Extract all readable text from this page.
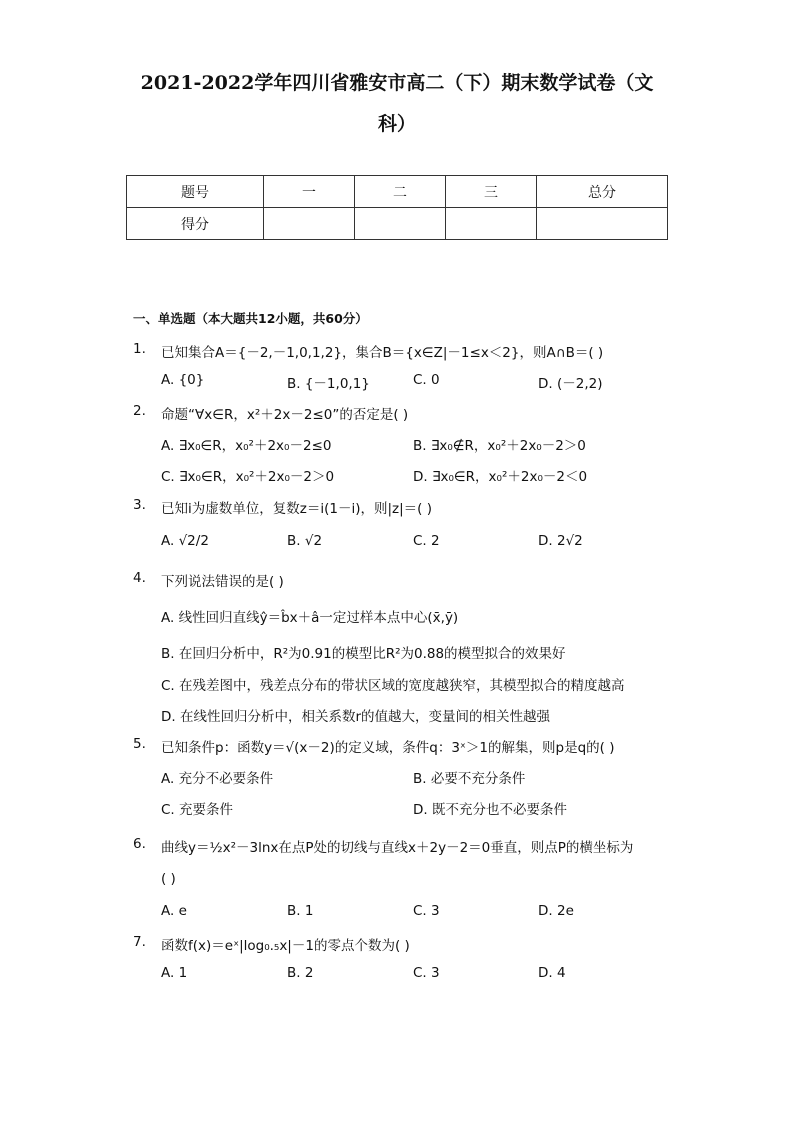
2021-2022学年四川省雅安市高二（下）期末数学试卷（文
科）
题号	一	二	三	总分
得分				
一、单选题（本大题共12小题，共60分）
1. 已知集合A＝{－2,－1,0,1,2}，集合B＝{x∈Z|－1≤x＜2}，则A∩B＝( )
A. {0}	B. {－1,0,1}	C. 0	D. (－2,2)
2. 命题“∀x∈R，x²＋2x－2≤0”的否定是( )
A. ∃x₀∈R，x₀²＋2x₀－2≤0	B. ∃x₀∉R，x₀²＋2x₀－2＞0
C. ∃x₀∈R，x₀²＋2x₀－2＞0	D. ∃x₀∈R，x₀²＋2x₀－2＜0
3. 已知i为虚数单位，复数z＝i(1－i)，则|z|＝( )
A. √2/2	B. √2	C. 2	D. 2√2
4. 下列说法错误的是( )
A. 线性回归直线ŷ＝b̂x＋â一定过样本点中心(x̄,ȳ)
B. 在回归分析中，R²为0.91的模型比R²为0.88的模型拟合的效果好
C. 在残差图中，残差点分布的带状区域的宽度越狭窄，其模型拟合的精度越高
D. 在线性回归分析中，相关系数r的值越大，变量间的相关性越强
5. 已知条件p：函数y＝√(x－2)的定义域，条件q：3ˣ＞1的解集，则p是q的( )
A. 充分不必要条件	B. 必要不充分条件
C. 充要条件	D. 既不充分也不必要条件
6. 曲线y＝½x²－3lnx在点P处的切线与直线x＋2y－2＝0垂直，则点P的横坐标为
( )
A. e	B. 1	C. 3	D. 2e
7. 函数f(x)＝eˣ|log₀.₅x|－1的零点个数为( )
A. 1	B. 2	C. 3	D. 4
